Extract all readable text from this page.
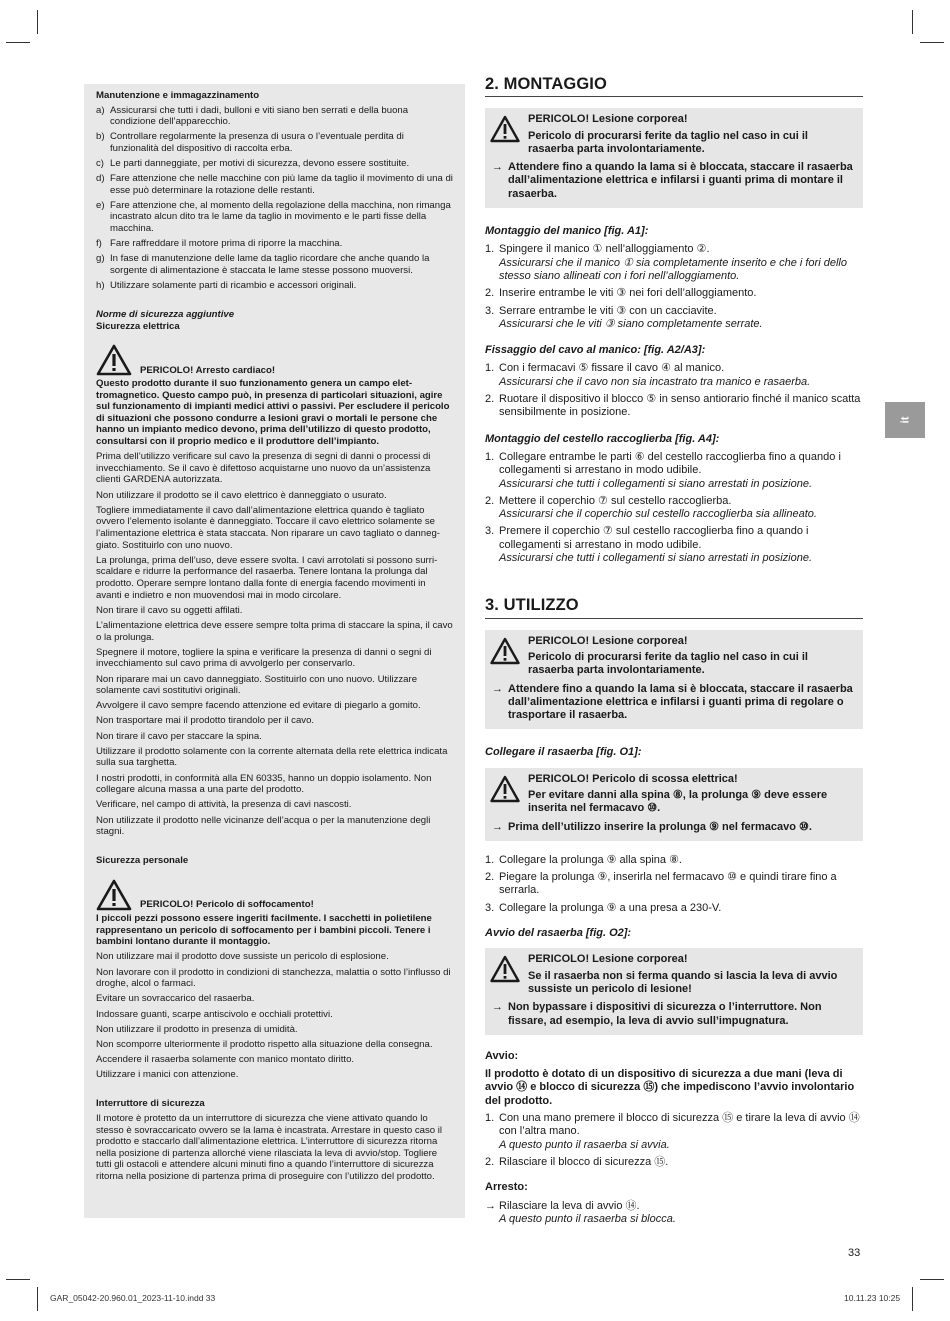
Manutenzione e immagazzinamento
a) Assicurarsi che tutti i dadi, bulloni e viti siano ben serrati e della buona condizione dell’apparecchio.
b) Controllare regolarmente la presenza di usura o l’eventuale perdita di funzionalità del dispositivo di raccolta erba.
c) Le parti danneggiate, per motivi di sicurezza, devono essere sostituite.
d) Fare attenzione che nelle macchine con più lame da taglio il movimento di una di esse può determinare la rotazione delle restanti.
e) Fare attenzione che, al momento della regolazione della macchina, non rimanga incastrato alcun dito tra le lame da taglio in movimento e le parti fisse della macchina.
f) Fare raffreddare il motore prima di riporre la macchina.
g) In fase di manutenzione delle lame da taglio ricordare che anche quando la sorgente di alimentazione è staccata le lame stesse possono muoversi.
h) Utilizzare solamente parti di ricambio e accessori originali.
Norme di sicurezza aggiuntive
Sicurezza elettrica
PERICOLO! Arresto cardiaco!

Questo prodotto durante il suo funzionamento genera un campo elettromagnetico. Questo campo può, in presenza di particolari situazioni, agire sul funzionamento di impianti medici attivi o passivi. Per escludere il pericolo di situazioni che possono condurre a lesioni gravi o mortali le persone che hanno un impianto medico devono, prima dell’utilizzo di questo prodotto, consultarsi con il proprio medico e il produttore dell’impianto.

Prima dell’utilizzo verificare sul cavo la presenza di segni di danni o processi di invecchiamento. Se il cavo è difettoso acquistarne uno nuovo da un’assistenza clienti GARDENA autorizzata.

Non utilizzare il prodotto se il cavo elettrico è danneggiato o usurato.

Togliere immediatamente il cavo dall’alimentazione elettrica quando è tagliato ovvero l’elemento isolante è danneggiato. Toccare il cavo elettrico solamente se l’alimentazione elettrica è stata staccata. Non riparare un cavo tagliato o danneggiato. Sostituirlo con uno nuovo.

La prolunga, prima dell’uso, deve essere svolta. I cavi arrotolati si possono surriscaldare e ridurre la performance del rasaerba. Tenere lontana la prolunga dal prodotto. Operare sempre lontano dalla fonte di energia facendo movimenti in avanti e indietro e non muovendosi mai in modo circolare.

Non tirare il cavo su oggetti affilati.

L’alimentazione elettrica deve essere sempre tolta prima di staccare la spina, il cavo o la prolunga.

Spegnere il motore, togliere la spina e verificare la presenza di danni o segni di invecchiamento sul cavo prima di avvolgerlo per conservarlo.

Non riparare mai un cavo danneggiato. Sostituirlo con uno nuovo. Utilizzare solamente cavi sostitutivi originali.

Avvolgere il cavo sempre facendo attenzione ed evitare di piegarlo a gomito.

Non trasportare mai il prodotto tirandolo per il cavo.

Non tirare il cavo per staccare la spina.

Utilizzare il prodotto solamente con la corrente alternata della rete elettrica indicata sulla sua targhetta.

I nostri prodotti, in conformità alla EN 60335, hanno un doppio isolamento. Non collegare alcuna massa a una parte del prodotto.

Verificare, nel campo di attività, la presenza di cavi nascosti.

Non utilizzate il prodotto nelle vicinanze dell’acqua o per la manutenzione degli stagni.

Sicurezza personale
PERICOLO! Pericolo di soffocamento!

I piccoli pezzi possono essere ingeriti facilmente. I sacchetti in polietilene rappresentano un pericolo di soffocamento per i bambini piccoli. Tenere i bambini lontano durante il montaggio.

Non utilizzare mai il prodotto dove sussiste un pericolo di esplosione.

Non lavorare con il prodotto in condizioni di stanchezza, malattia o sotto l’influsso di droghe, alcol o farmaci.

Evitare un sovraccarico del rasaerba.

Indossare guanti, scarpe antiscivolo e occhiali protettivi.

Non utilizzare il prodotto in presenza di umidità.

Non scomporre ulteriormente il prodotto rispetto alla situazione della consegna.

Accendere il rasaerba solamente con manico montato diritto.

Utilizzare i manici con attenzione.

Interruttore di sicurezza

Il motore è protetto da un interruttore di sicurezza che viene attivato quando lo stesso è sovraccaricato ovvero se la lama è incastrata. Arrestare in questo caso il prodotto e staccarlo dall’alimentazione elettrica. L’interruttore di sicurezza ritorna nella posizione di partenza allorché viene rilasciata la leva di avvio/stop. Togliere tutti gli ostacoli e attendere alcuni minuti fino a quando l’interruttore di sicurezza ritorna nella posizione di partenza prima di proseguire con l’utilizzo del prodotto.

2. MONTAGGIO
PERICOLO! Lesione corporea!
Pericolo di procurarsi ferite da taglio nel caso in cui il rasaerba parta involontariamente.
→ Attendere fino a quando la lama si è bloccata, staccare il rasaerba dall’alimentazione elettrica e infilarsi i guanti prima di montare il rasaerba.
Montaggio del manico [fig. A1]:
1. Spingere il manico ① nell’alloggiamento ②.
Assicurarsi che il manico ① sia completamente inserito e che i fori dello stesso siano allineati con i fori nell’alloggiamento.
2. Inserire entrambe le viti ③ nei fori dell’alloggiamento.
3. Serrare entrambe le viti ③ con un cacciavite.
Assicurarsi che le viti ③ siano completamente serrate.
Fissaggio del cavo al manico: [fig. A2/A3]:
1. Con i fermacavi ⑤ fissare il cavo ④ al manico.
Assicurarsi che il cavo non sia incastrato tra manico e rasaerba.
2. Ruotare il dispositivo il blocco ⑤ in senso antiorario finché il manico scatta sensibilmente in posizione.
Montaggio del cestello raccoglierba [fig. A4]:
1. Collegare entrambe le parti ⑥ del cestello raccoglierba fino a quando i collegamenti si arrestano in modo udibile.
Assicurarsi che tutti i collegamenti si siano arrestati in posizione.
2. Mettere il coperchio ⑦ sul cestello raccoglierba.
Assicurarsi che il coperchio sul cestello raccoglierba sia allineato.
3. Premere il coperchio ⑦ sul cestello raccoglierba fino a quando i collegamenti si arrestano in modo udibile.
Assicurarsi che tutti i collegamenti si siano arrestati in posizione.
3. UTILIZZO
PERICOLO! Lesione corporea!
Pericolo di procurarsi ferite da taglio nel caso in cui il rasaerba parta involontariamente.
→ Attendere fino a quando la lama si è bloccata, staccare il rasaerba dall’alimentazione elettrica e infilarsi i guanti prima di regolare o trasportare il rasaerba.
Collegare il rasaerba [fig. O1]:
PERICOLO! Pericolo di scossa elettrica!
Per evitare danni alla spina ⑧, la prolunga ⑨ deve essere inserita nel fermacavo ⑩.
→ Prima dell’utilizzo inserire la prolunga ⑨ nel fermacavo ⑩.
1. Collegare la prolunga ⑨ alla spina ⑧.
2. Piegare la prolunga ⑨, inserirla nel fermacavo ⑩ e quindi tirare fino a serrarla.
3. Collegare la prolunga ⑨ a una presa a 230-V.
Avvio del rasaerba [fig. O2]:
PERICOLO! Lesione corporea!
Se il rasaerba non si ferma quando si lascia la leva di avvio sussiste un pericolo di lesione!
→ Non bypassare i dispositivi di sicurezza o l’interruttore. Non fissare, ad esempio, la leva di avvio sull’impugnatura.
Avvio:
Il prodotto è dotato di un dispositivo di sicurezza a due mani (leva di avvio ⑭ e blocco di sicurezza ⑮) che impediscono l’avvio involontario del prodotto.
1. Con una mano premere il blocco di sicurezza ⑮ e tirare la leva di avvio ⑭ con l’altra mano.
A questo punto il rasaerba si avvia.
2. Rilasciare il blocco di sicurezza ⑮.
Arresto:
→ Rilasciare la leva di avvio ⑭.
A questo punto il rasaerba si blocca.
it
33
GAR_05042-20.960.01_2023-11-10.indd 33	10.11.23 10:25
